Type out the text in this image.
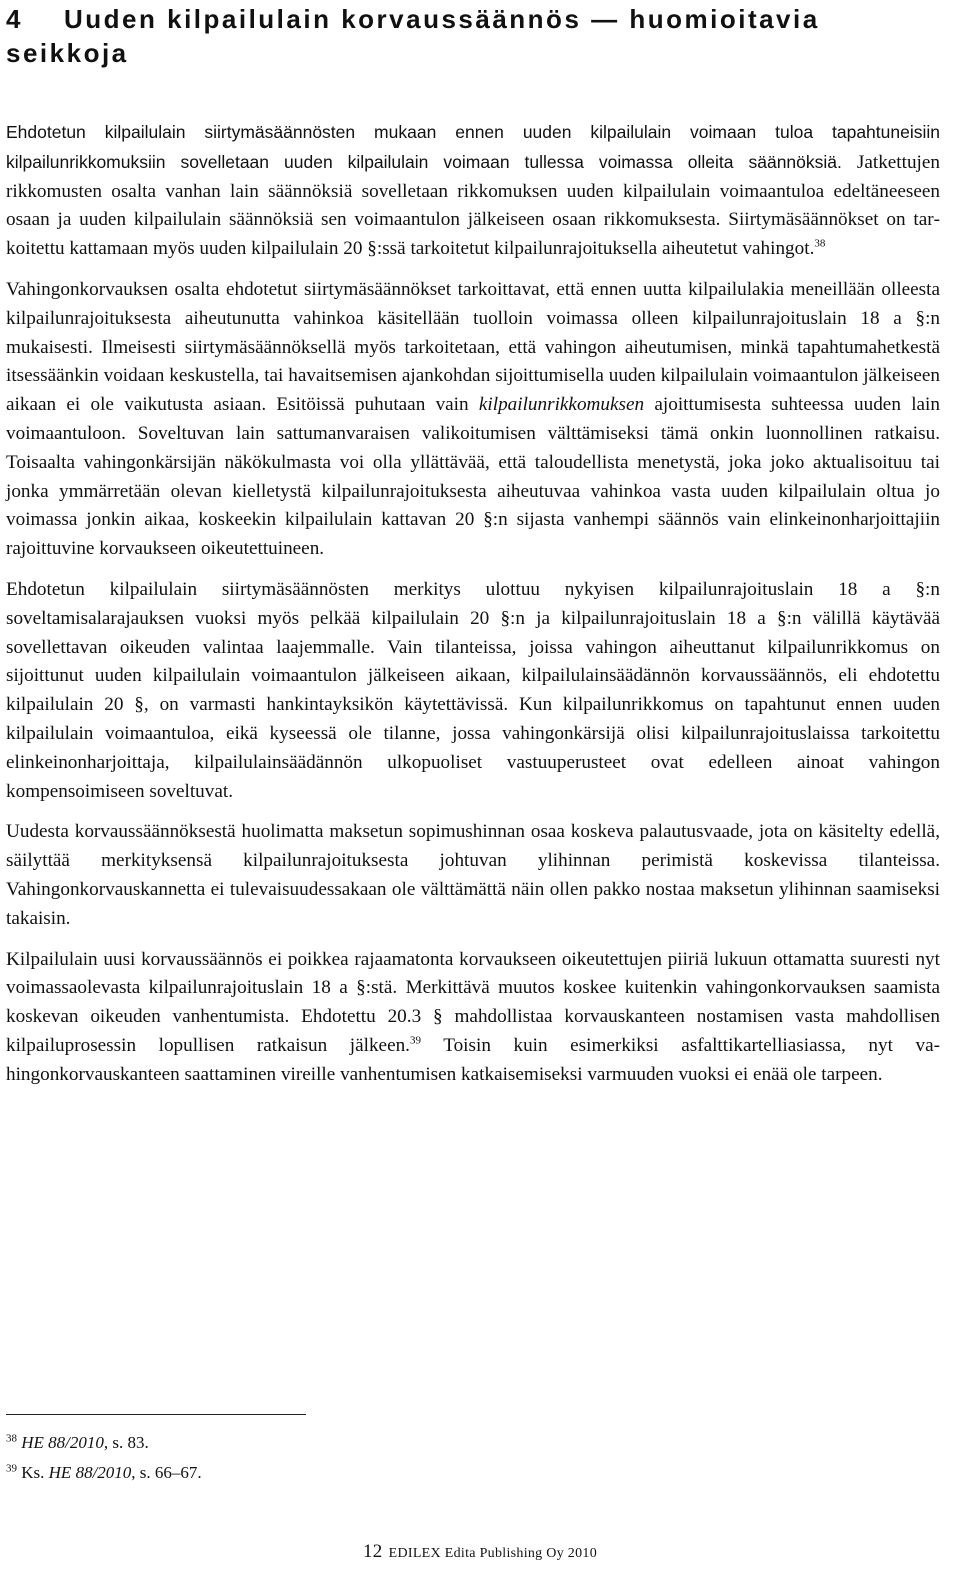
4 Uuden kilpailulain korvaussäännös — huomioitavia seikkoja

Ehdotetun kilpailulain siirtymäsäännösten mukaan ennen uuden kilpailulain voimaan tuloa tapahtuneisiin kilpailunrikkomuksiin sovelletaan uuden kilpailulain voimaan tullessa voimassa olleita säännöksiä. Jatkettujen rikkomusten osalta vanhan lain säännöksiä sovelletaan rikkomuksen uuden kilpailulain voimaantuloa edeltäneeseen osaan ja uuden kilpailulain säännöksiä sen voimaantulon jälkeiseen osaan rikkomuksesta. Siirtymäsäännökset on tarkoitettu kattamaan myös uuden kilpailulain 20 §:ssä tarkoitetut kilpailunrajoituksella aiheutetut vahingot.$^{38}$

Vahingonkorvauksen osalta ehdotetut siirtymäsäännökset tarkoittavat, että ennen uutta kilpailulakia meneillään olleesta kilpailunrajoituksesta aiheutunutta vahinkoa käsitellään tuolloin voimassa olleen kilpailunrajoituslain 18 a §:n mukaisesti. Ilmeisesti siirtymäsäännöksellä myös tarkoitetaan, että vahingon aiheutumisen, minkä tapahtumahetkestä itsessäänkin voidaan keskustella, tai havaitsemisen ajankohdan sijoittumisella uuden kilpailulain voimaantulon jälkeiseen aikaan ei ole vaikutusta asiaan. Esitöissä puhutaan vain kilpailunrikkomuksen ajoittumisesta suhteessa uuden lain voimaantuloon. Soveltuvan lain sattumanvaraisen valikoitumisen välttämiseksi tämä onkin luonnollinen ratkaisu. Toisaalta vahingonkärsijän näkökulmasta voi olla yllättävää, että taloudellista menetystä, joka joko aktualisoituu tai jonka ymmärretään olevan kielletystä kilpailunrajoituksesta aiheutuvaa vahinkoa vasta uuden kilpailulain oltua jo voimassa jonkin aikaa, koskeekin kilpailulain kattavan 20 §:n sijasta vanhempi säännös vain elinkeinonharjoittajiin rajoittuvine korvaukseen oikeutettuineen.

Ehdotetun kilpailulain siirtymäsäännösten merkitys ulottuu nykyisen kilpailunrajoituslain 18 a §:n soveltamisalarajauksen vuoksi myös pelkää kilpailulain 20 §:n ja kilpailunrajoituslain 18 a §:n välillä käytävää sovellettavan oikeuden valintaa laajemmalle. Vain tilanteissa, joissa vahingon aiheuttanut kilpailunrikkomus on sijoittunut uuden kilpailulain voimaantulon jälkeiseen aikaan, kilpailulainsäädännön korvaussäännös, eli ehdotettu kilpailulain 20 §, on varmasti hankintayksikön käytettävissä. Kun kilpailunrikkomus on tapahtunut ennen uuden kilpailulain voimaantuloa, eikä kyseessä ole tilanne, jossa vahingonkärsijä olisi kilpailunrajoituslaissa tarkoitettu elinkeinonharjoittaja, kilpailulainsäädännön ulkopuoliset vastuuperusteet ovat edelleen ainoat vahingon kompensoimiseen soveltuvat.

Uudesta korvaussäännöksestä huolimatta maksetun sopimushinnan osaa koskeva palautusvaade, jota on käsitelty edellä, säilyttää merkityksensä kilpailunrajoituksesta johtuvan ylihinnan perimistä koskevissa tilanteissa. Vahingonkorvauskannetta ei tulevaisuudessakaan ole välttämättä näin ollen pakko nostaa maksetun ylihinnan saamiseksi takaisin.

Kilpailulain uusi korvaussäännös ei poikkea rajaamatonta korvaukseen oikeutettujen piiriä lukuun ottamatta suuresti nyt voimassaolevasta kilpailunrajoituslain 18 a §:stä. Merkittävä muutos koskee kuitenkin vahingonkorvauksen saamista koskevan oikeuden vanhentumista. Ehdotettu 20.3 § mahdollistaa korvauskanteen nostamisen vasta mahdollisen kilpailuprosessin lopullisen ratkaisun jälkeen.$^{39}$ Toisin kuin esimerkiksi asfalttikartelliasiassa, nyt vahingonkorvauskanteen saattaminen vireille vanhentumisen katkaisemiseksi varmuuden vuoksi ei enää ole tarpeen.

$^{38}$ HE 88/2010, s. 83.

$^{39}$ Ks. HE 88/2010, s. 66–67.

12 EDILEX Edita Publishing Oy 2010
